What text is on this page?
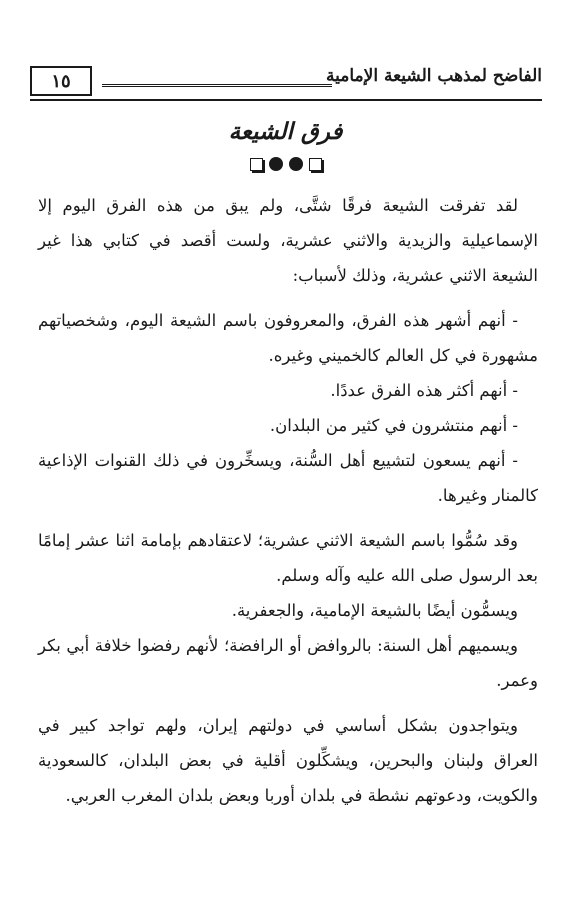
١٥	الفاضح لمذهب الشيعة الإمامية
فرق الشيعة

لقد تفرقت الشيعة فرقًا شتَّى، ولم يبق من هذه الفرق اليوم إلا الإسماعيلية والزيدية والاثني عشرية، ولست أقصد في كتابي هذا غير الشيعة الاثني عشرية، وذلك لأسباب:

- أنهم أشهر هذه الفرق، والمعروفون باسم الشيعة اليوم، وشخصياتهم مشهورة في كل العالم كالخميني وغيره.

- أنهم أكثر هذه الفرق عددًا.

- أنهم منتشرون في كثير من البلدان.

- أنهم يسعون لتشييع أهل السُّنة، ويسخِّرون في ذلك القنوات الإذاعية كالمنار وغيرها.

وقد سُمُّوا باسم الشيعة الاثني عشرية؛ لاعتقادهم بإمامة اثنا عشر إمامًا بعد الرسول صلى الله عليه وآله وسلم.

ويسمُّون أيضًا بالشيعة الإمامية، والجعفرية.

ويسميهم أهل السنة: بالروافض أو الرافضة؛ لأنهم رفضوا خلافة أبي بكر وعمر.

ويتواجدون بشكل أساسي في دولتهم إيران، ولهم تواجد كبير في العراق ولبنان والبحرين، ويشكِّلون أقلية في بعض البلدان، كالسعودية والكويت، ودعوتهم نشطة في بلدان أوربا وبعض بلدان المغرب العربي.
